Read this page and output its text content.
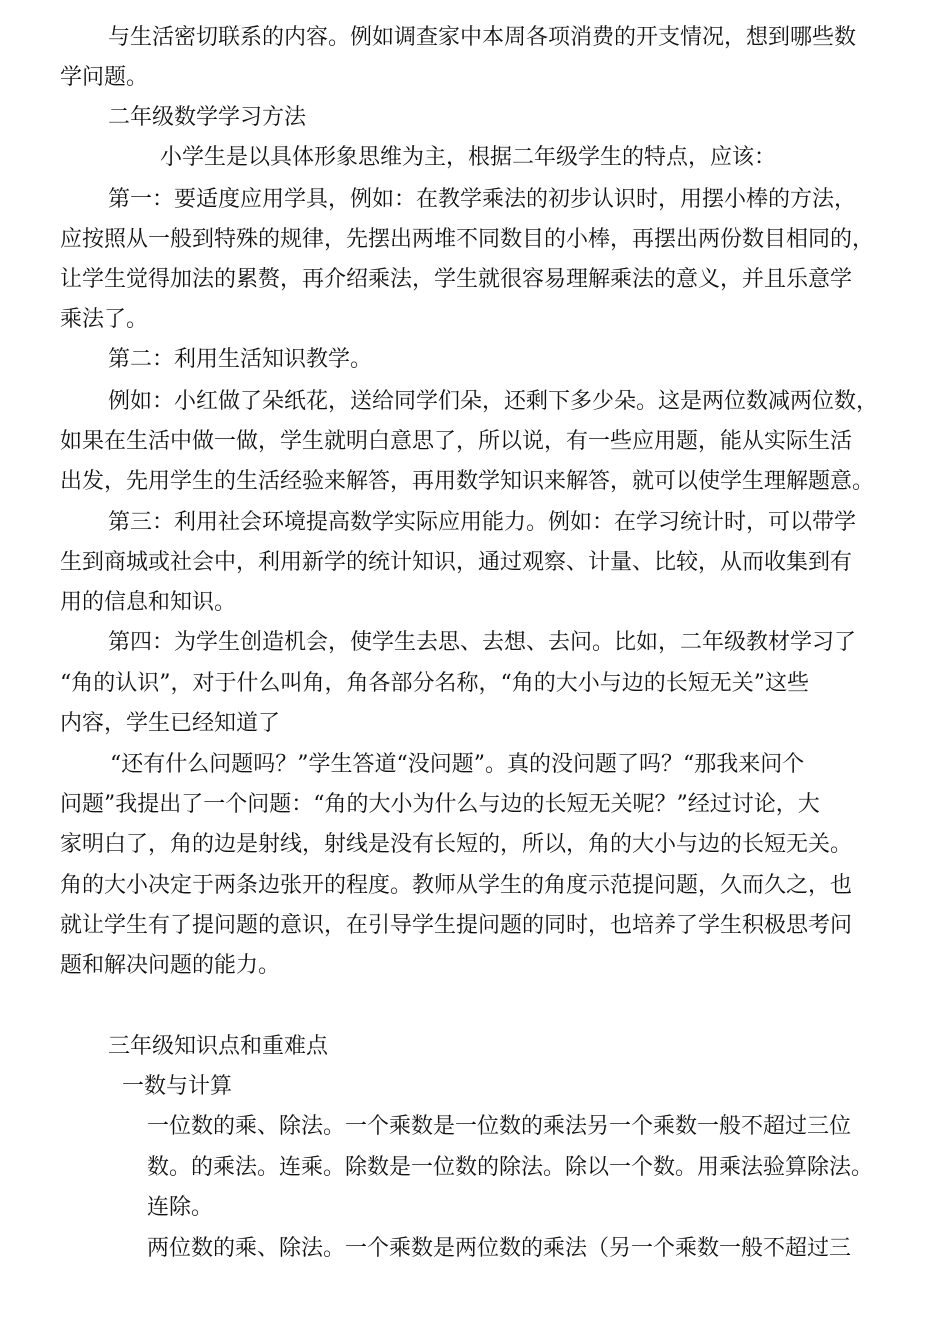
与生活密切联系的内容。例如调查家中本周各项消费的开支情况，想到哪些数

学问题。

二年级数学学习方法

小学生是以具体形象思维为主，根据二年级学生的特点，应该：

第一：要适度应用学具，例如：在教学乘法的初步认识时，用摆小棒的方法，

应按照从一般到特殊的规律，先摆出两堆不同数目的小棒，再摆出两份数目相同的，

让学生觉得加法的累赘，再介绍乘法，学生就很容易理解乘法的意义，并且乐意学

乘法了。

第二：利用生活知识教学。

例如：小红做了朵纸花，送给同学们朵，还剩下多少朵。这是两位数减两位数，

如果在生活中做一做，学生就明白意思了，所以说，有一些应用题，能从实际生活

出发，先用学生的生活经验来解答，再用数学知识来解答，就可以使学生理解题意。

第三：利用社会环境提高数学实际应用能力。例如：在学习统计时，可以带学

生到商城或社会中，利用新学的统计知识，通过观察、计量、比较，从而收集到有

用的信息和知识。

第四：为学生创造机会，使学生去思、去想、去问。比如，二年级教材学习了

“角的认识”，对于什么叫角，角各部分名称，“角的大小与边的长短无关”这些

内容，学生已经知道了

“还有什么问题吗？”学生答道“没问题”。真的没问题了吗？“那我来问个

问题”我提出了一个问题：“角的大小为什么与边的长短无关呢？”经过讨论，大

家明白了，角的边是射线，射线是没有长短的，所以，角的大小与边的长短无关。

角的大小决定于两条边张开的程度。教师从学生的角度示范提问题，久而久之，也

就让学生有了提问题的意识，在引导学生提问题的同时，也培养了学生积极思考问

题和解决问题的能力。

三年级知识点和重难点

一数与计算

一位数的乘、除法。一个乘数是一位数的乘法另一个乘数一般不超过三位

数。的乘法。连乘。除数是一位数的除法。除以一个数。用乘法验算除法。

连除。

两位数的乘、除法。一个乘数是两位数的乘法（另一个乘数一般不超过三
